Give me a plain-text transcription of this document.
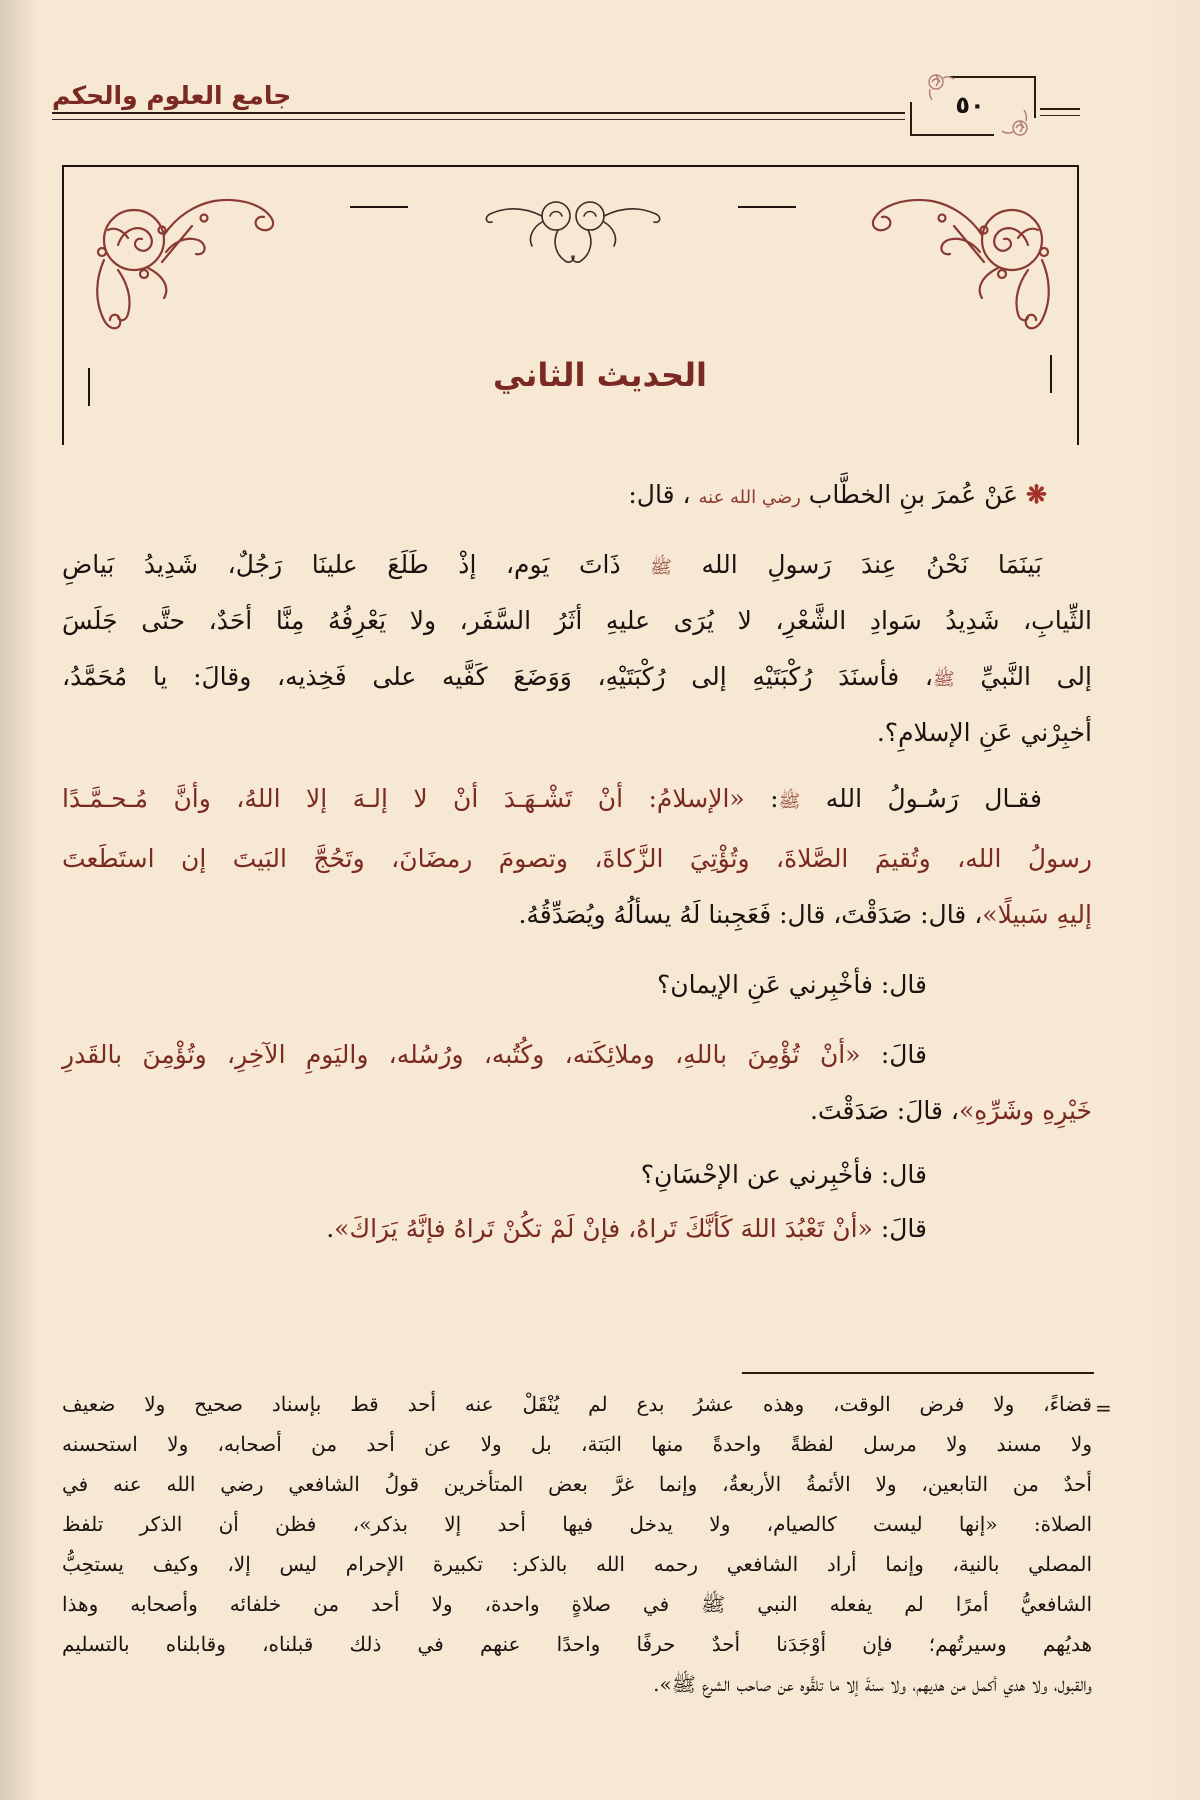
جامع العلوم والحكم	٥٠
الحديث الثاني
❋ عَنْ عُمرَ بنِ الخطَّاب رضي الله عنه ، قال:
بَينَمَا نَحْنُ عِندَ رَسولِ الله ﷺ ذَاتَ يَوم، إذْ طَلَعَ علينَا رَجُلٌ، شَدِيدُ بَياضِ
الثِّيابِ، شَدِيدُ سَوادِ الشَّعْرِ، لا يُرَى عليهِ أثَرُ السَّفَر، ولا يَعْرِفُهُ مِنَّا أحَدٌ، حتَّى جَلَسَ
إلى النَّبيِّ ﷺ، فأسنَدَ رُكْبَتَيْهِ إلى رُكْبَتَيْهِ، وَوَضَعَ كَفَّيه على فَخِذيه، وقالَ: يا مُحَمَّدُ،
أخبِرْني عَنِ الإسلامِ؟.
فقـال رَسُـولُ الله ﷺ: «الإسلامُ: أنْ تَشْـهَـدَ أنْ لا إلـهَ إلا اللهُ، وأنَّ مُـحـمَّـدًا
رسولُ الله، وتُقيمَ الصَّلاةَ، وتُؤْتِيَ الزَّكاةَ، وتصومَ رمضَانَ، وتَحُجَّ البَيتَ إن استَطَعتَ
إليهِ سَبيلًا»، قال: صَدَقْتَ، قال: فَعَجِبنا لَهُ يسألُهُ ويُصَدِّقُهُ.
قال: فأخْبِرني عَنِ الإيمان؟
قالَ: «أنْ تُؤْمِنَ باللهِ، وملائِكَته، وكُتُبه، ورُسُله، واليَومِ الآخِرِ، وتُؤْمِنَ بالقَدرِ
خَيْرِهِ وشَرِّهِ»، قالَ: صَدَقْتَ.
قال: فأخْبِرني عن الإحْسَانِ؟
قالَ: «أنْ تَعْبُدَ اللهَ كَأنَّكَ تَراهُ، فإنْ لَمْ تكُنْ تَراهُ فإنَّهُ يَرَاكَ».
=
قضاءً، ولا فرض الوقت، وهذه عشرُ بدع لم يُنْقَلْ عنه أحد قط بإسناد صحيح ولا ضعيف
ولا مسند ولا مرسل لفظةً واحدةً منها البَتة، بل ولا عن أحد من أصحابه، ولا استحسنه
أحدٌ من التابعين، ولا الأئمةُ الأربعةُ، وإنما غرَّ بعض المتأخرين قولُ الشافعي رضي الله عنه في
الصلاة: «إنها ليست كالصيام، ولا يدخل فيها أحد إلا بذكر»، فظن أن الذكر تلفظ
المصلي بالنية، وإنما أراد الشافعي رحمه الله بالذكر: تكبيرة الإحرام ليس إلا، وكيف يستحِبُّ
الشافعيُّ أمرًا لم يفعله النبي ﷺ في صلاةٍ واحدة، ولا أحد من خلفائه وأصحابه وهذا
هديُهم وسيرتُهم؛ فإن أوْجَدَنا أحدٌ حرفًا واحدًا عنهم في ذلك قبلناه، وقابلناه بالتسليم
والقبول، ولا هدي أكمل من هديهم، ولا سنةَ إلا ما تلقَّوه عن صاحب الشرع ﷺ».
